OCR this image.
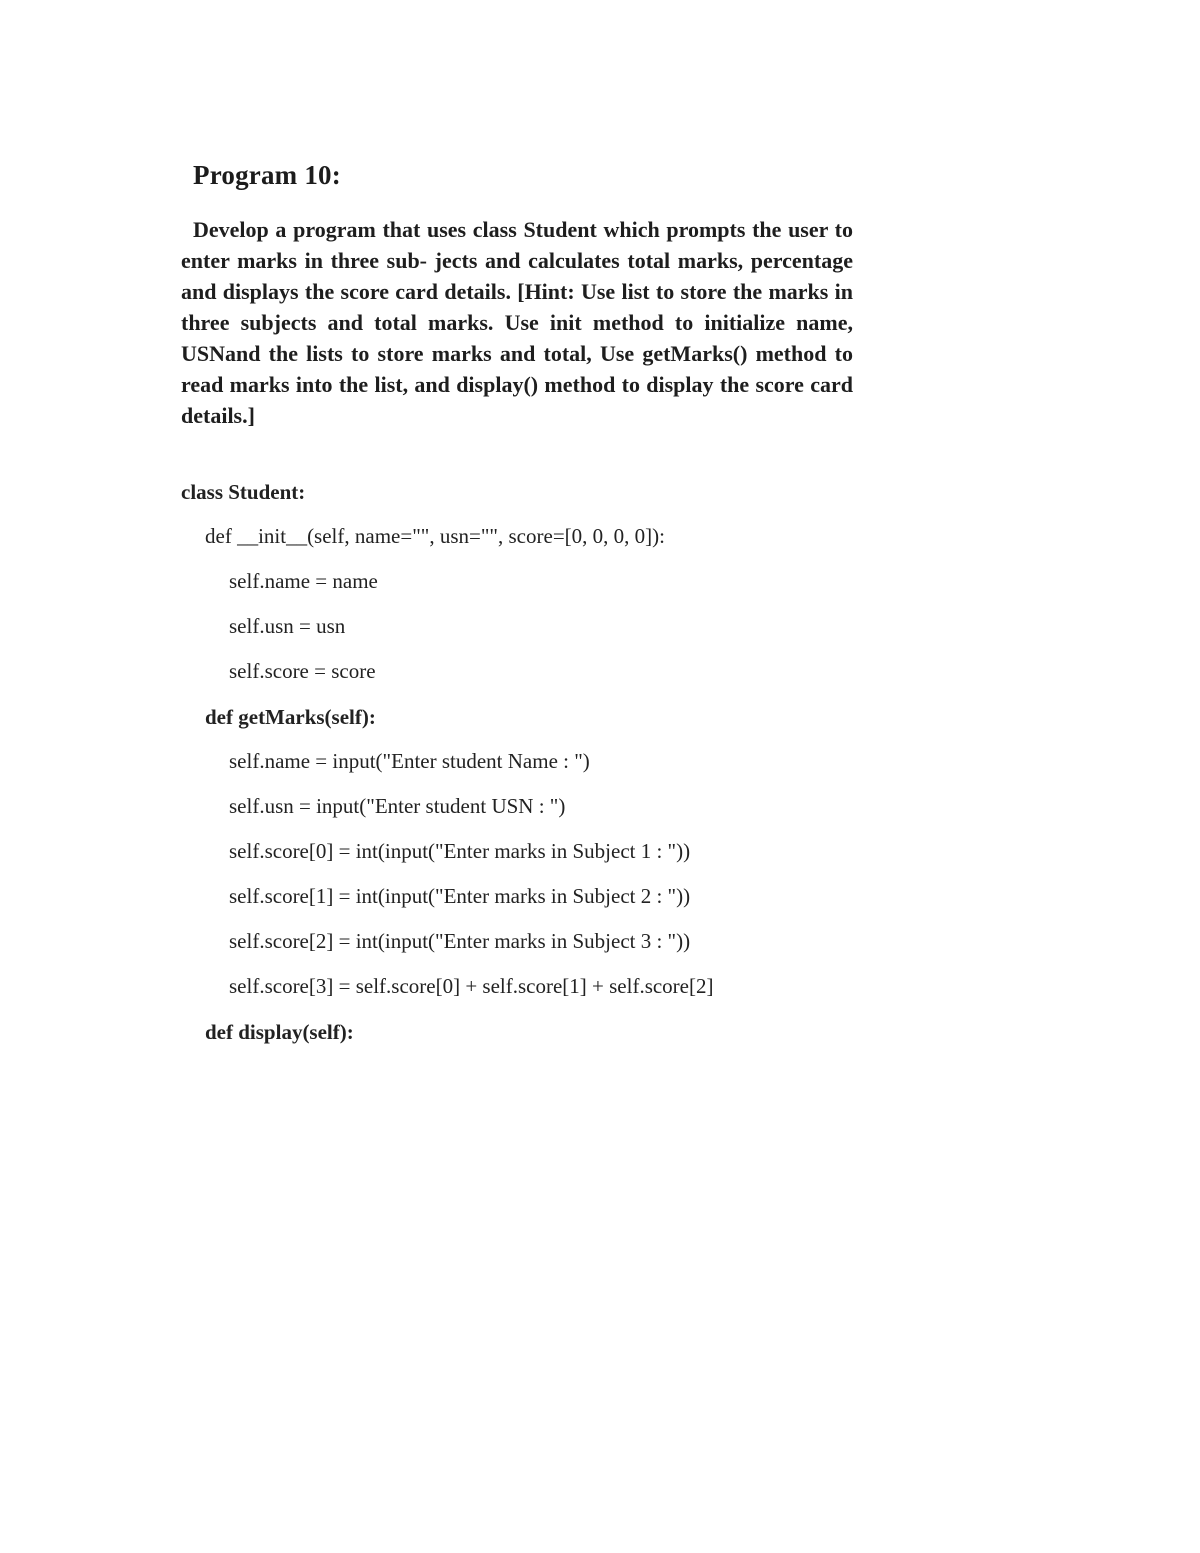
Program 10:
Develop a program that uses class Student which prompts the user to enter marks in three sub- jects and calculates total marks, percentage and displays the score card details. [Hint: Use list to store the marks in three subjects and total marks. Use init method to initialize name, USNand the lists to store marks and total, Use getMarks() method to read marks into the list, and display() method to display the score card details.]
class Student:
def __init__(self, name="", usn="", score=[0, 0, 0, 0]):
self.name = name
self.usn = usn
self.score = score
def getMarks(self):
self.name = input("Enter student Name : ")
self.usn = input("Enter student USN : ")
self.score[0] = int(input("Enter marks in Subject 1 : "))
self.score[1] = int(input("Enter marks in Subject 2 : "))
self.score[2] = int(input("Enter marks in Subject 3 : "))
self.score[3] = self.score[0] + self.score[1] + self.score[2]
def display(self):
